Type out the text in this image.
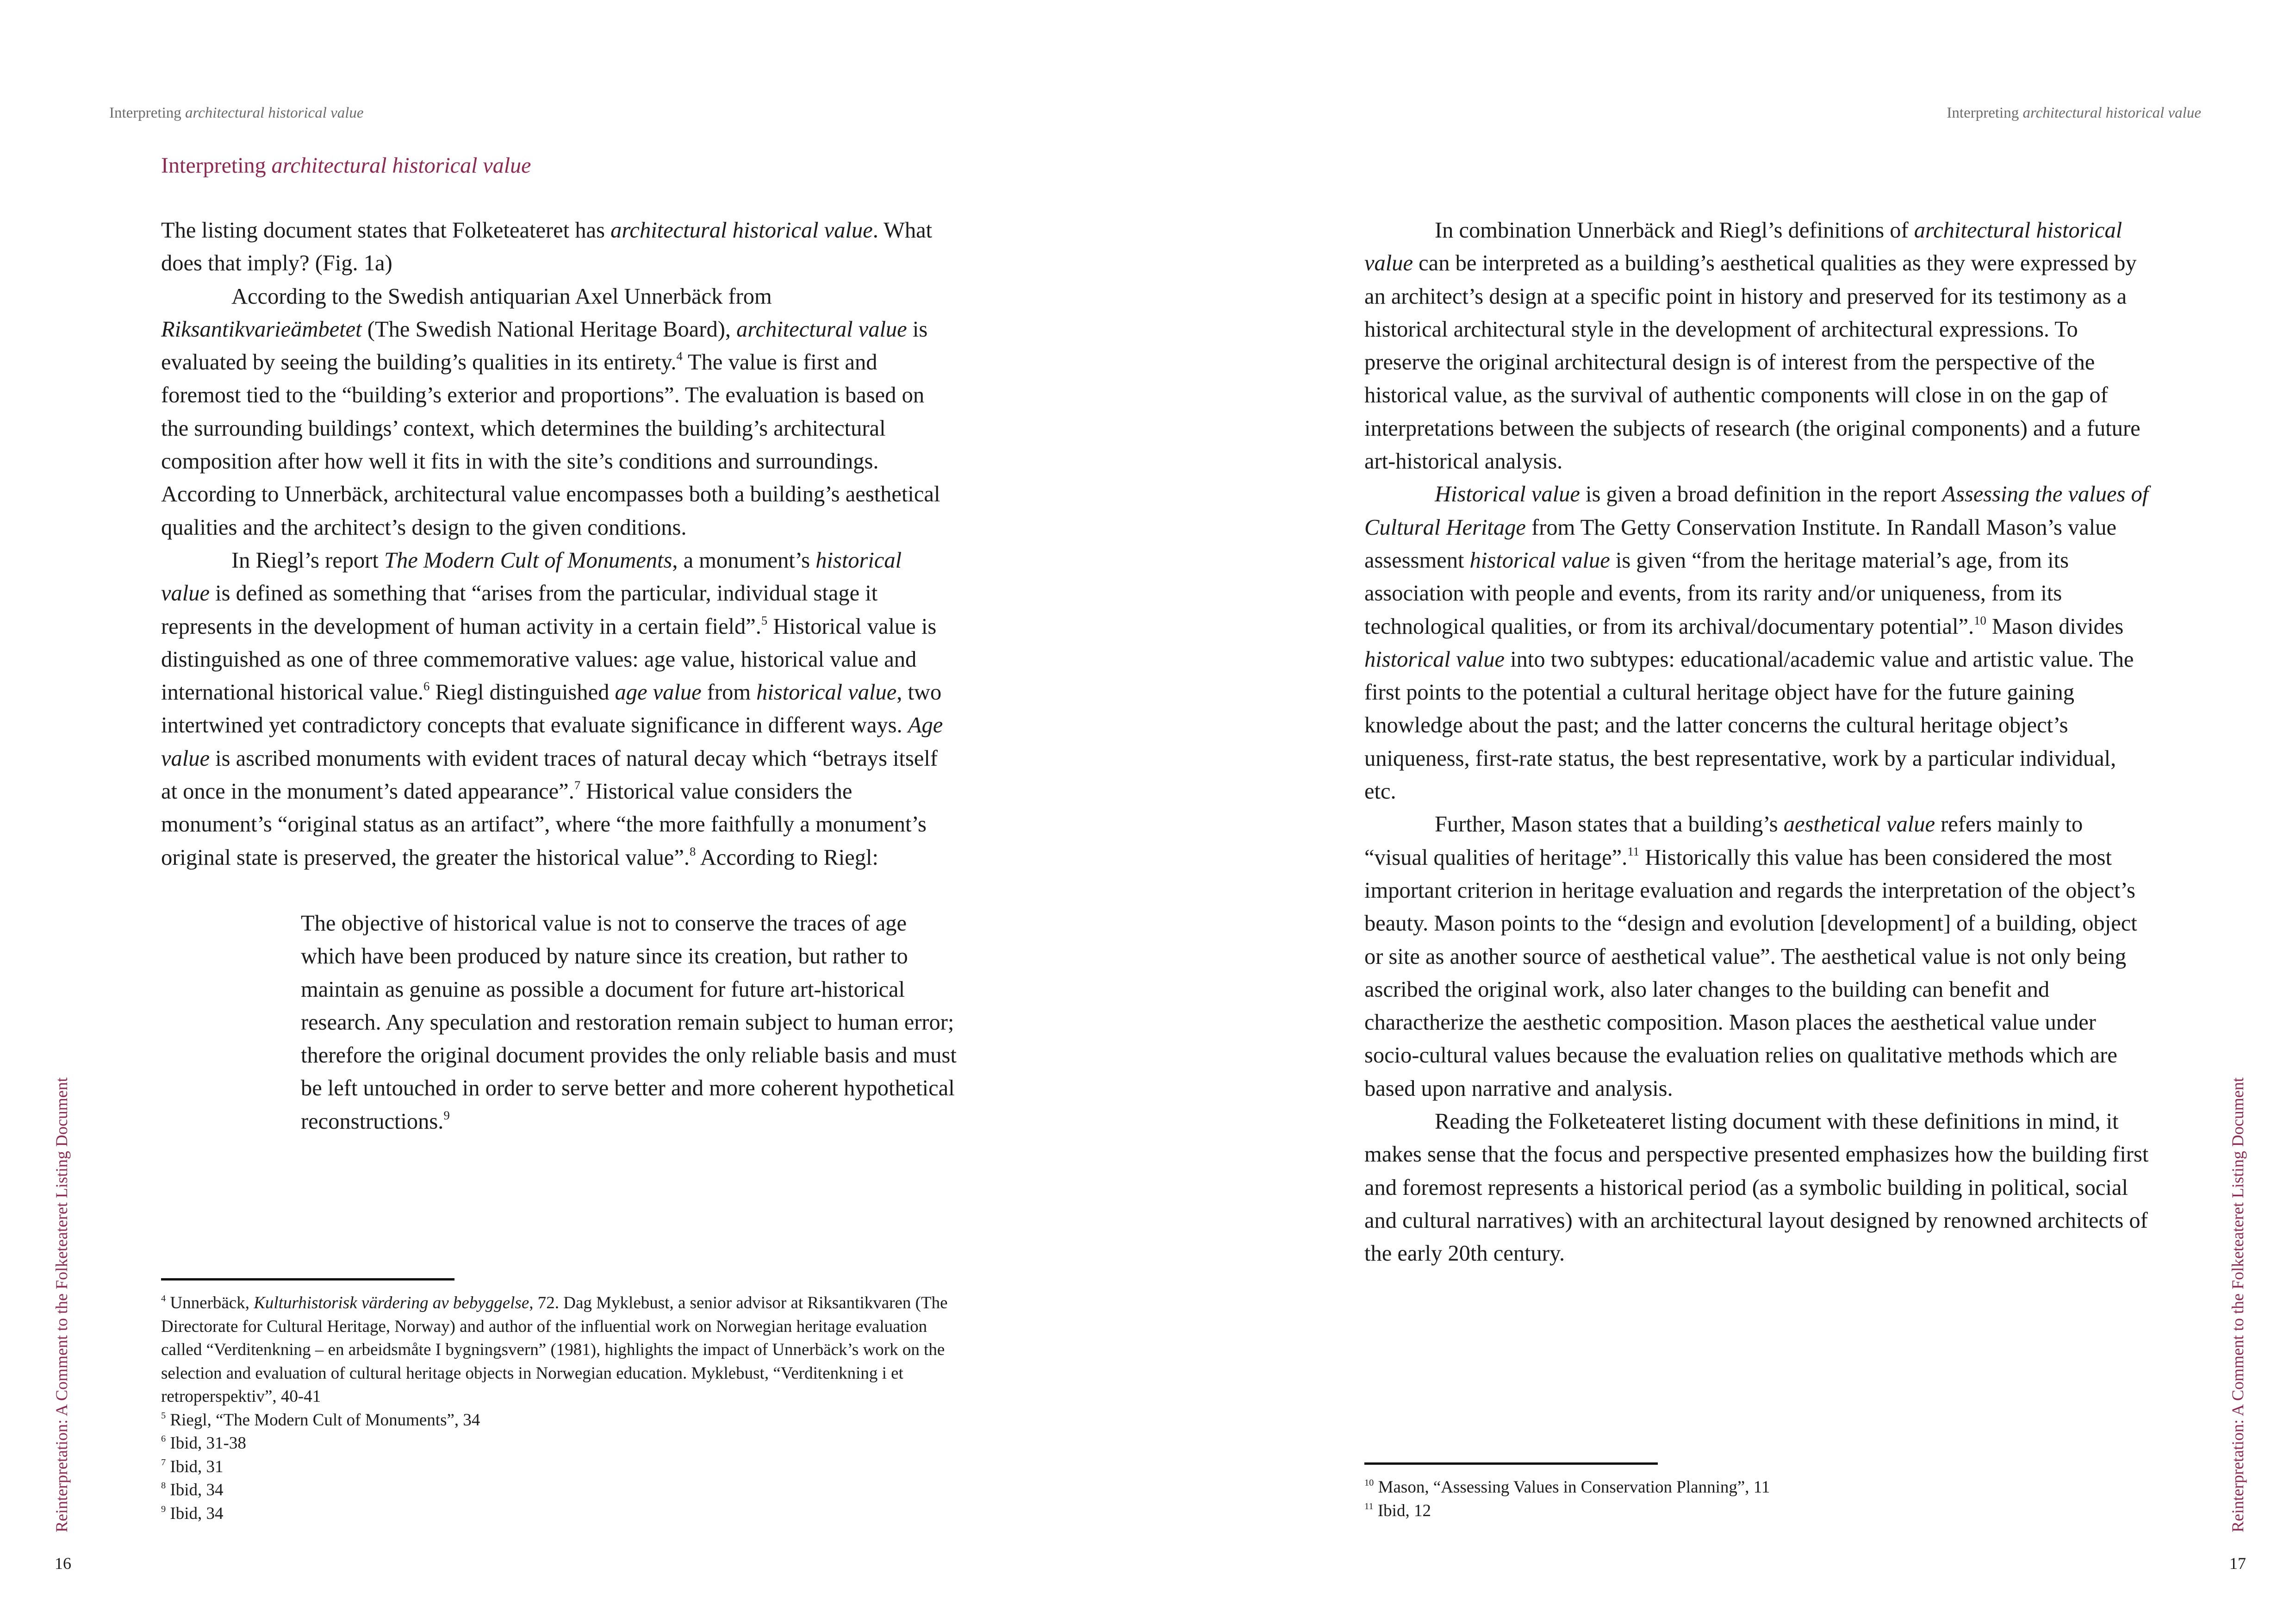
Interpreting architectural historical value
Interpreting architectural historical value

The listing document states that Folketeateret has architectural historical value. What does that imply? (Fig. 1a)

According to the Swedish antiquarian Axel Unnerbäck from Riksantikvarieämbetet (The Swedish National Heritage Board), architectural value is evaluated by seeing the building’s qualities in its entirety.$^4$ The value is first and foremost tied to the “building’s exterior and proportions”. The evaluation is based on the surrounding buildings’ context, which determines the building’s architectural composition after how well it fits in with the site’s conditions and surroundings. According to Unnerbäck, architectural value encompasses both a building’s aesthetical qualities and the architect’s design to the given conditions.

In Riegl’s report The Modern Cult of Monuments, a monument’s historical value is defined as something that “arises from the particular, individual stage it represents in the development of human activity in a certain field”.$^5$ Historical value is distinguished as one of three commemorative values: age value, historical value and international historical value.$^6$ Riegl distinguished age value from historical value, two intertwined yet contradictory concepts that evaluate significance in different ways. Age value is ascribed monuments with evident traces of natural decay which “betrays itself at once in the monument’s dated appearance”.$^7$ Historical value considers the monument’s “original status as an artifact”, where “the more faithfully a monument’s original state is preserved, the greater the historical value”.$^8$ According to Riegl:

The objective of historical value is not to conserve the traces of age which have been produced by nature since its creation, but rather to maintain as genuine as possible a document for future art-historical research. Any speculation and restoration remain subject to human error; therefore the original document provides the only reliable basis and must be left untouched in order to serve better and more coherent hypothetical reconstructions.$^9$

$^4$ Unnerbäck, Kulturhistorisk värdering av bebyggelse, 72. Dag Myklebust, a senior advisor at Riksantikvaren (The Directorate for Cultural Heritage, Norway) and author of the influential work on Norwegian heritage evaluation called “Verditenkning – en arbeidsmåte I bygningsvern” (1981), highlights the impact of Unnerbäck’s work on the selection and evaluation of cultural heritage objects in Norwegian education. Myklebust, “Verditenkning i et retroperspektiv”, 40-41
$^5$ Riegl, “The Modern Cult of Monuments”, 34
$^6$ Ibid, 31-38
$^7$ Ibid, 31
$^8$ Ibid, 34
$^9$ Ibid, 34
Reinterpretation: A Comment to the Folketeateret Listing Document
16
Interpreting architectural historical value

In combination Unnerbäck and Riegl’s definitions of architectural historical value can be interpreted as a building’s aesthetical qualities as they were expressed by an architect’s design at a specific point in history and preserved for its testimony as a historical architectural style in the development of architectural expressions. To preserve the original architectural design is of interest from the perspective of the historical value, as the survival of authentic components will close in on the gap of interpretations between the subjects of research (the original components) and a future art-historical analysis.

Historical value is given a broad definition in the report Assessing the values of Cultural Heritage from The Getty Conservation Institute. In Randall Mason’s value assessment historical value is given “from the heritage material’s age, from its association with people and events, from its rarity and/or uniqueness, from its technological qualities, or from its archival/documentary potential”.$^{10}$ Mason divides historical value into two subtypes: educational/academic value and artistic value. The first points to the potential a cultural heritage object have for the future gaining knowledge about the past; and the latter concerns the cultural heritage object’s uniqueness, first-rate status, the best representative, work by a particular individual, etc.

Further, Mason states that a building’s aesthetical value refers mainly to “visual qualities of heritage”.$^{11}$ Historically this value has been considered the most important criterion in heritage evaluation and regards the interpretation of the object’s beauty. Mason points to the “design and evolution [development] of a building, object or site as another source of aesthetical value”. The aesthetical value is not only being ascribed the original work, also later changes to the building can benefit and charactherize the aesthetic composition. Mason places the aesthetical value under socio-cultural values because the evaluation relies on qualitative methods which are based upon narrative and analysis.

Reading the Folketeateret listing document with these definitions in mind, it makes sense that the focus and perspective presented emphasizes how the building first and foremost represents a historical period (as a symbolic building in political, social and cultural narratives) with an architectural layout designed by renowned architects of the early 20th century.

$^{10}$ Mason, “Assessing Values in Conservation Planning”, 11
$^{11}$ Ibid, 12	Reinterpretation: A Comment to the Folketeateret Listing Document
17
